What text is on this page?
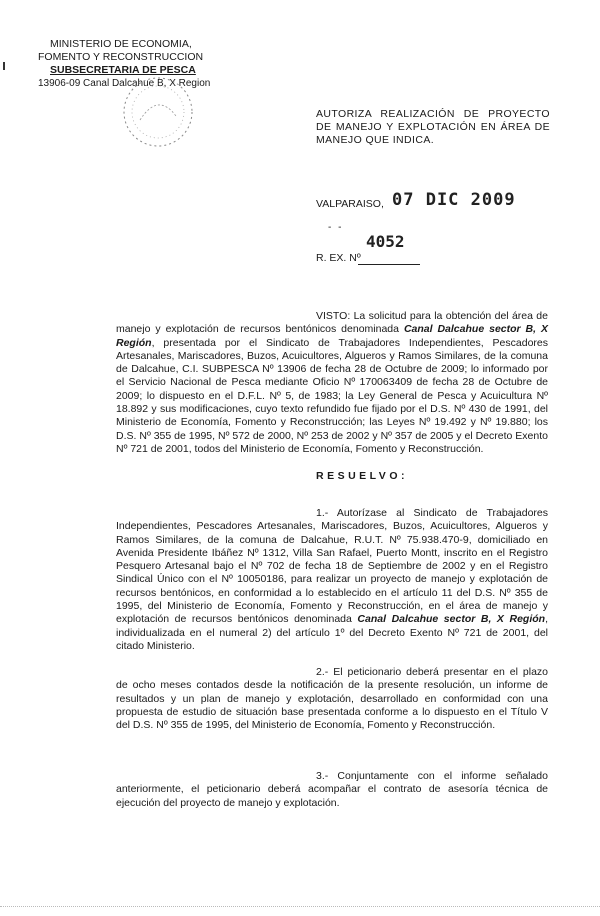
MINISTERIO DE ECONOMIA,
FOMENTO Y RECONSTRUCCION
SUBSECRETARIA DE PESCA
13906-09 Canal Dalcahue B, X Region
AUTORIZA REALIZACIÓN DE PROYECTO DE MANEJO Y EXPLOTACIÓN EN ÁREA DE MANEJO QUE INDICA.
VALPARAISO, 07 DIC 2009
- -
4052
R. EX. Nº
VISTO: La solicitud para la obtención del área de manejo y explotación de recursos bentónicos denominada Canal Dalcahue sector B, X Región, presentada por el Sindicato de Trabajadores Independientes, Pescadores Artesanales, Mariscadores, Buzos, Acuicultores, Algueros y Ramos Similares, de la comuna de Dalcahue, C.I. SUBPESCA Nº 13906 de fecha 28 de Octubre de 2009; lo informado por el Servicio Nacional de Pesca mediante Oficio Nº 170063409 de fecha 28 de Octubre de 2009; lo dispuesto en el D.F.L. Nº 5, de 1983; la Ley General de Pesca y Acuicultura Nº 18.892 y sus modificaciones, cuyo texto refundido fue fijado por el D.S. Nº 430 de 1991, del Ministerio de Economía, Fomento y Reconstrucción; las Leyes Nº 19.492 y Nº 19.880; los D.S. Nº 355 de 1995, Nº 572 de 2000, Nº 253 de 2002 y Nº 357 de 2005 y el Decreto Exento Nº 721 de 2001, todos del Ministerio de Economía, Fomento y Reconstrucción.
RESUELVO:
1.- Autorízase al Sindicato de Trabajadores Independientes, Pescadores Artesanales, Mariscadores, Buzos, Acuicultores, Algueros y Ramos Similares, de la comuna de Dalcahue, R.U.T. Nº 75.938.470-9, domiciliado en Avenida Presidente Ibáñez Nº 1312, Villa San Rafael, Puerto Montt, inscrito en el Registro Pesquero Artesanal bajo el Nº 702 de fecha 18 de Septiembre de 2002 y en el Registro Sindical Único con el Nº 10050186, para realizar un proyecto de manejo y explotación de recursos bentónicos, en conformidad a lo establecido en el artículo 11 del D.S. Nº 355 de 1995, del Ministerio de Economía, Fomento y Reconstrucción, en el área de manejo y explotación de recursos bentónicos denominada Canal Dalcahue sector B, X Región, individualizada en el numeral 2) del artículo 1º del Decreto Exento Nº 721 de 2001, del citado Ministerio.
2.- El peticionario deberá presentar en el plazo de ocho meses contados desde la notificación de la presente resolución, un informe de resultados y un plan de manejo y explotación, desarrollado en conformidad con una propuesta de estudio de situación base presentada conforme a lo dispuesto en el Título V del D.S. Nº 355 de 1995, del Ministerio de Economía, Fomento y Reconstrucción.
3.- Conjuntamente con el informe señalado anteriormente, el peticionario deberá acompañar el contrato de asesoría técnica de ejecución del proyecto de manejo y explotación.
